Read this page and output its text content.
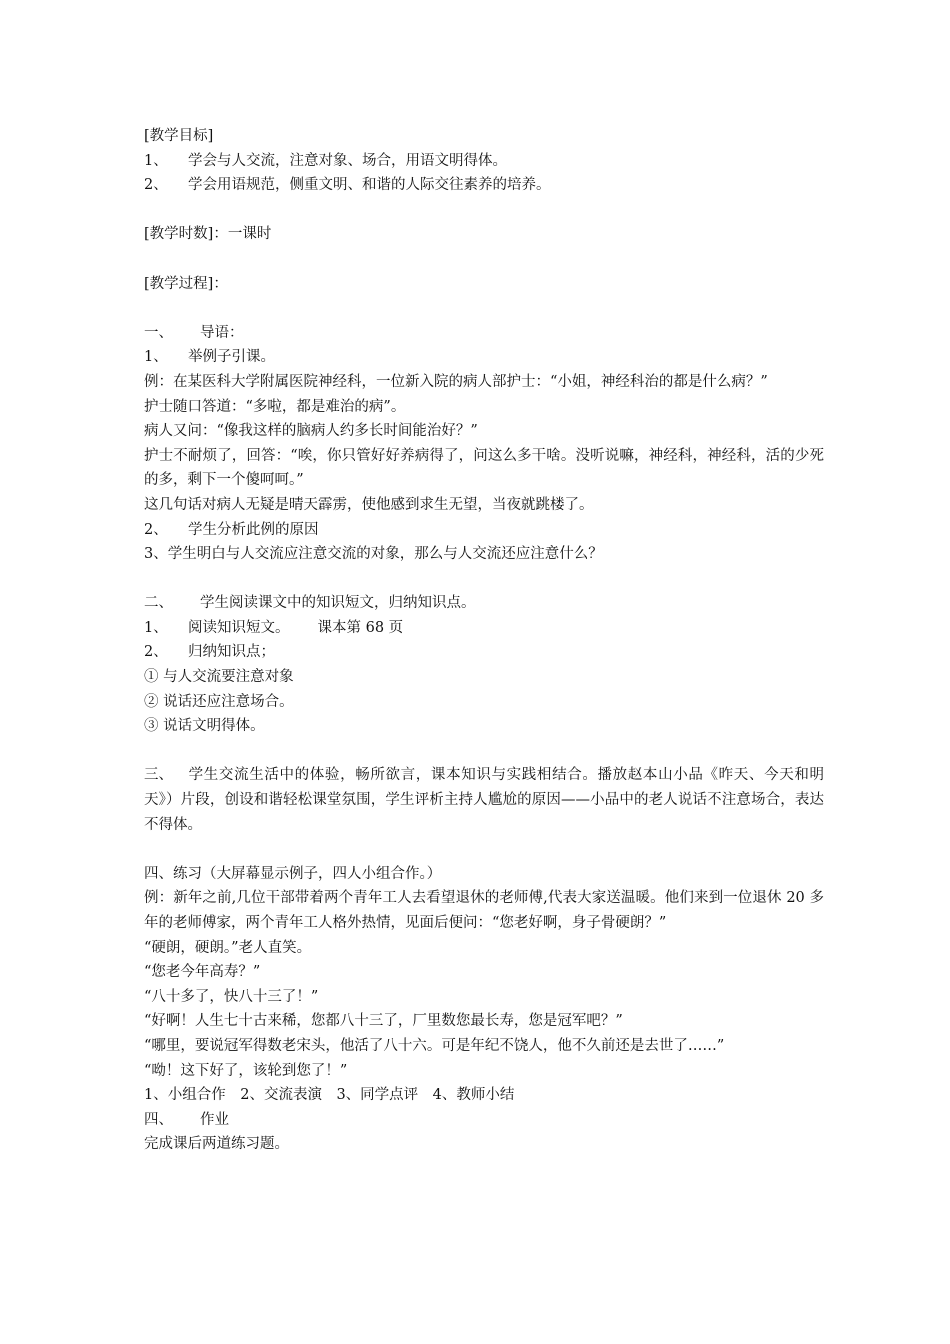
[教学目标]
1、 学会与人交流，注意对象、场合，用语文明得体。
2、 学会用语规范，侧重文明、和谐的人际交往素养的培养。
[教学时数]：一课时
[教学过程]：
一、 导语：
1、 举例子引课。
例：在某医科大学附属医院神经科，一位新入院的病人部护士：“小姐，神经科治的都是什么病？”
护士随口答道：“多啦，都是难治的病”。
病人又问：“像我这样的脑病人约多长时间能治好？”
护士不耐烦了，回答：“唉，你只管好好养病得了，问这么多干啥。没听说嘛，神经科，神经科，活的少死的多，剩下一个傻呵呵。”
这几句话对病人无疑是晴天霹雳，使他感到求生无望，当夜就跳楼了。
2、 学生分析此例的原因
3、学生明白与人交流应注意交流的对象，那么与人交流还应注意什么？
二、 学生阅读课文中的知识短文，归纳知识点。
1、 阅读知识短文。 课本第 68 页
2、 归纳知识点；
① 与人交流要注意对象
② 说话还应注意场合。
③ 说话文明得体。
三、 学生交流生活中的体验，畅所欲言，课本知识与实践相结合。播放赵本山小品《昨天、今天和明天》）片段，创设和谐轻松课堂氛围，学生评析主持人尴尬的原因——小品中的老人说话不注意场合，表达不得体。
四、练习（大屏幕显示例子，四人小组合作。）
例：新年之前,几位干部带着两个青年工人去看望退休的老师傅,代表大家送温暖。他们来到一位退休 20 多年的老师傅家，两个青年工人格外热情，见面后便问：“您老好啊，身子骨硬朗？”
“硬朗，硬朗。”老人直笑。
“您老今年高寿？”
“八十多了，快八十三了！”
“好啊！人生七十古来稀，您都八十三了，厂里数您最长寿，您是冠军吧？”
“哪里，要说冠军得数老宋头，他活了八十六。可是年纪不饶人，他不久前还是去世了……”
“呦！这下好了，该轮到您了！”
1、小组合作　2、交流表演　3、同学点评　4、教师小结
四、 作业
完成课后两道练习题。
